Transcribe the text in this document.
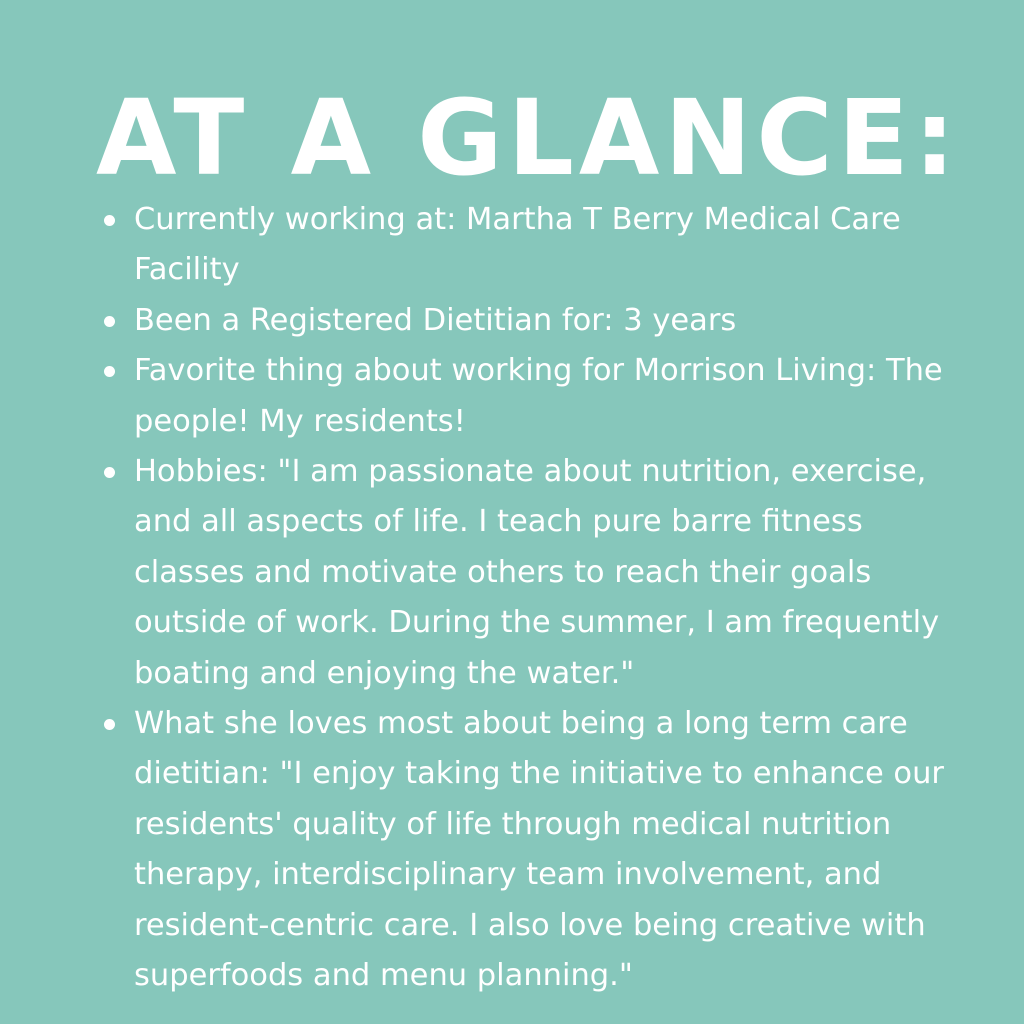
AT A GLANCE:
Currently working at: Martha T Berry Medical Care Facility
Been a Registered Dietitian for: 3 years
Favorite thing about working for Morrison Living: The people! My residents!
Hobbies: "I am passionate about nutrition, exercise, and all aspects of life. I teach pure barre fitness classes and motivate others to reach their goals outside of work. During the summer, I am frequently boating and enjoying the water."
What she loves most about being a long term care dietitian: "I enjoy taking the initiative to enhance our residents' quality of life through medical nutrition therapy, interdisciplinary team involvement, and resident-centric care. I also love being creative with superfoods and menu planning."
